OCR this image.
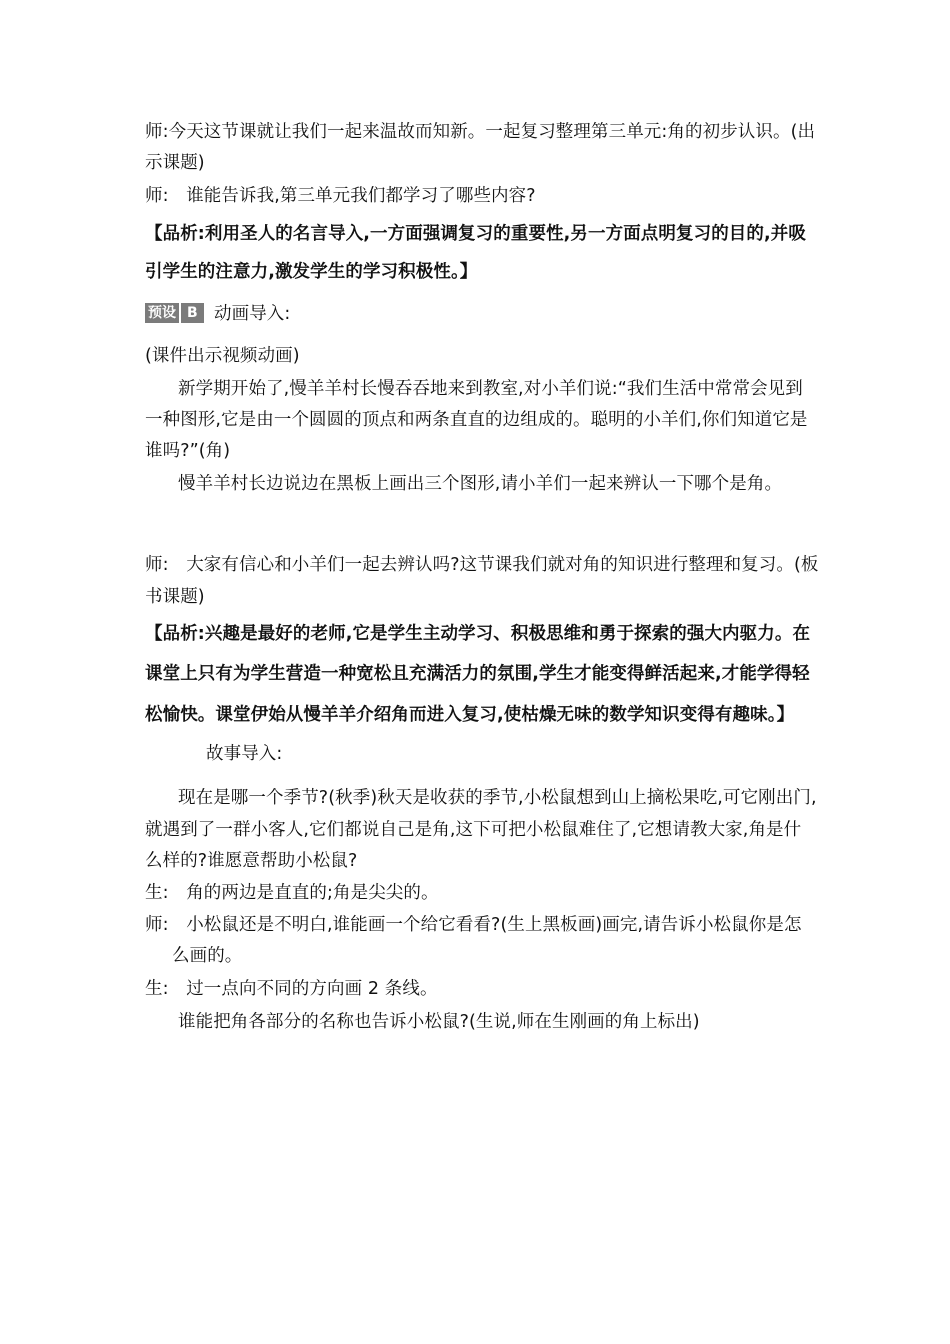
师:今天这节课就让我们一起来温故而知新。一起复习整理第三单元:角的初步认识。(出
示课题)
师:　谁能告诉我,第三单元我们都学习了哪些内容?
【品析:利用圣人的名言导入,一方面强调复习的重要性,另一方面点明复习的目的,并吸
引学生的注意力,激发学生的学习积极性。】
预设 B 动画导入:
(课件出示视频动画)
新学期开始了,慢羊羊村长慢吞吞地来到教室,对小羊们说:“我们生活中常常会见到
一种图形,它是由一个圆圆的顶点和两条直直的边组成的。聪明的小羊们,你们知道它是
谁吗?”(角)
慢羊羊村长边说边在黑板上画出三个图形,请小羊们一起来辨认一下哪个是角。
师:　大家有信心和小羊们一起去辨认吗?这节课我们就对角的知识进行整理和复习。(板
书课题)
【品析:兴趣是最好的老师,它是学生主动学习、积极思维和勇于探索的强大内驱力。在
课堂上只有为学生营造一种宽松且充满活力的氛围,学生才能变得鲜活起来,才能学得轻
松愉快。课堂伊始从慢羊羊介绍角而进入复习,使枯燥无味的数学知识变得有趣味。】
故事导入:
现在是哪一个季节?(秋季)秋天是收获的季节,小松鼠想到山上摘松果吃,可它刚出门,
就遇到了一群小客人,它们都说自己是角,这下可把小松鼠难住了,它想请教大家,角是什
么样的?谁愿意帮助小松鼠?
生:　角的两边是直直的;角是尖尖的。
师:　小松鼠还是不明白,谁能画一个给它看看?(生上黑板画)画完,请告诉小松鼠你是怎
么画的。
生:　过一点向不同的方向画 2 条线。
谁能把角各部分的名称也告诉小松鼠?(生说,师在生刚画的角上标出)
